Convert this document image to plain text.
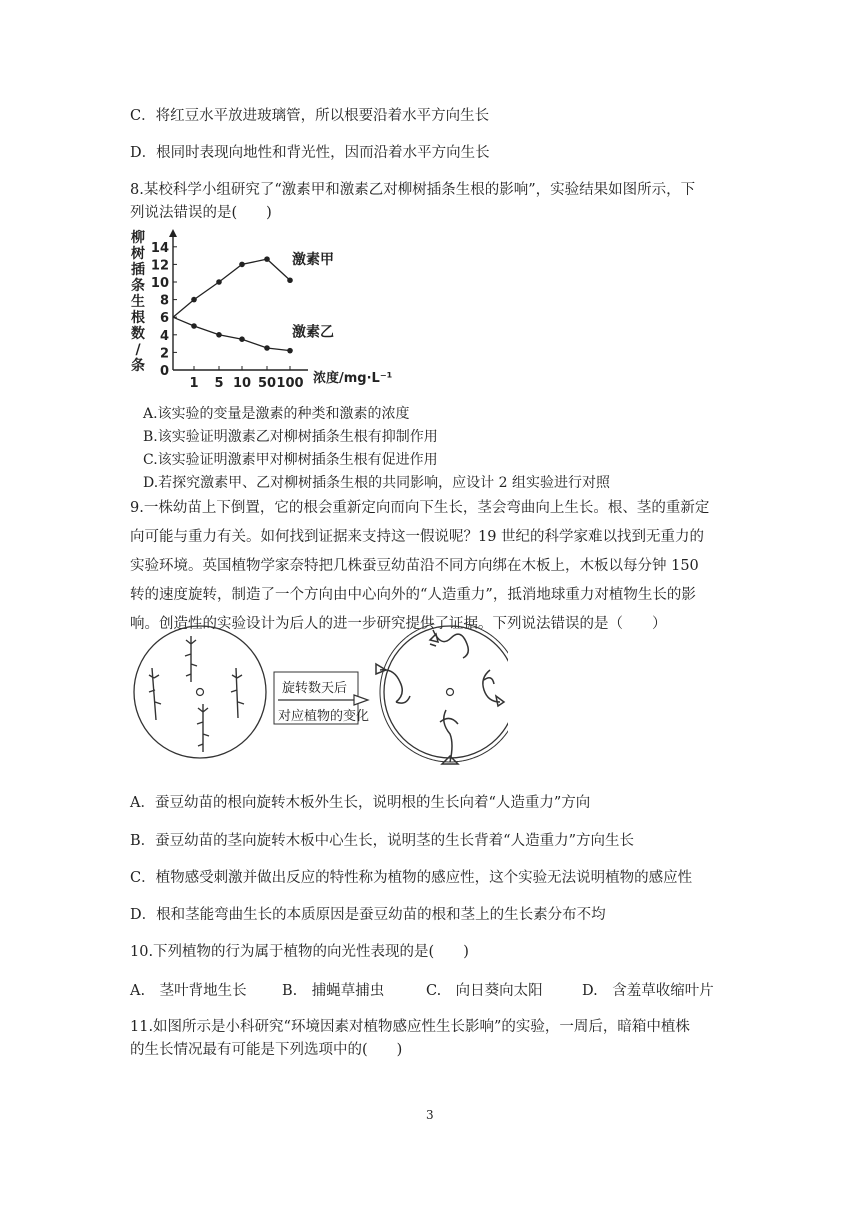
C．将红豆水平放进玻璃管，所以根要沿着水平方向生长
D．根同时表现向地性和背光性，因而沿着水平方向生长
8.某校科学小组研究了“激素甲和激素乙对柳树插条生根的影响”，实验结果如图所示，下
列说法错误的是(　　)
柳
树
插
条
生
根
数
/
条 0
2
4
6
8
10
12
14
1 5 10 50 100
激素甲
激素乙
浓度/mg·L⁻¹
A.该实验的变量是激素的种类和激素的浓度
B.该实验证明激素乙对柳树插条生根有抑制作用
C.该实验证明激素甲对柳树插条生根有促进作用
D.若探究激素甲、乙对柳树插条生根的共同影响，应设计 2 组实验进行对照
9.一株幼苗上下倒置，它的根会重新定向而向下生长，茎会弯曲向上生长。根、茎的重新定
向可能与重力有关。如何找到证据来支持这一假说呢？19 世纪的科学家难以找到无重力的
实验环境。英国植物学家奈特把几株蚕豆幼苗沿不同方向绑在木板上，木板以每分钟 150
转的速度旋转，制造了一个方向由中心向外的“人造重力”，抵消地球重力对植物生长的影
响。创造性的实验设计为后人的进一步研究提供了证据。下列说法错误的是（　　）
旋转数天后
对应植物的变化
A．蚕豆幼苗的根向旋转木板外生长，说明根的生长向着“人造重力”方向
B．蚕豆幼苗的茎向旋转木板中心生长，说明茎的生长背着“人造重力”方向生长
C．植物感受刺激并做出反应的特性称为植物的感应性，这个实验无法说明植物的感应性
D．根和茎能弯曲生长的本质原因是蚕豆幼苗的根和茎上的生长素分布不均
10.下列植物的行为属于植物的向光性表现的是(　　)
A.　茎叶背地生长 B.　捕蝇草捕虫	C.　向日葵向太阳	D.　含羞草收缩叶片
11.如图所示是小科研究“环境因素对植物感应性生长影响”的实验，一周后，暗箱中植株
的生长情况最有可能是下列选项中的(　　)
3
